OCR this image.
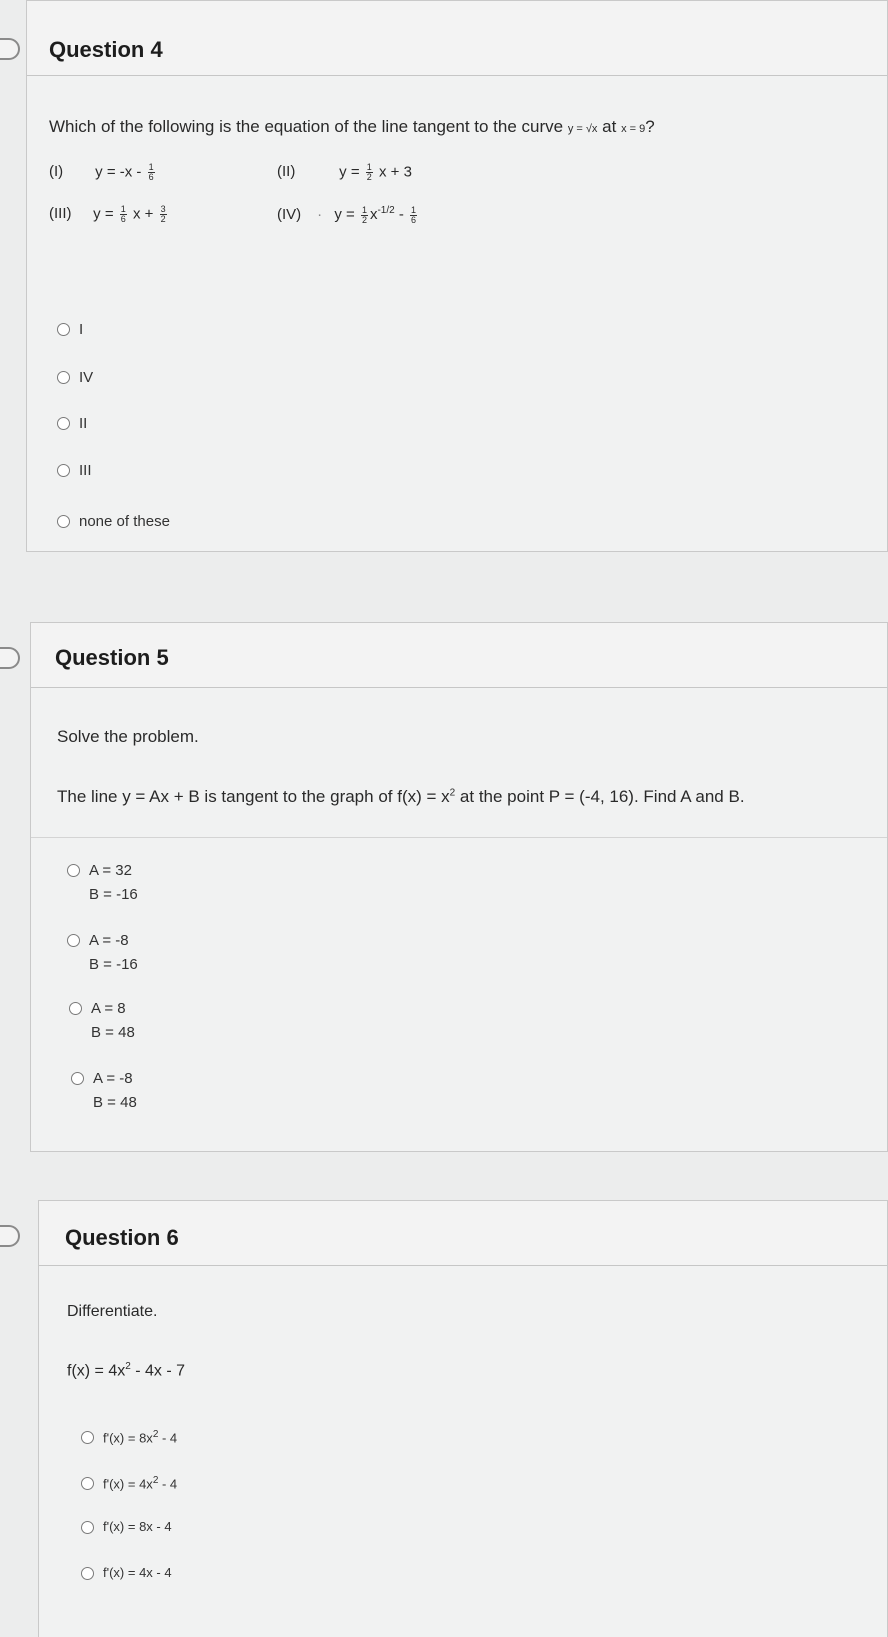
Question 4
Which of the following is the equation of the line tangent to the curve y = √x at x = 9?
(I) $y = -x - \frac{1}{6}$	(II)	$y = \frac{1}{2}$ x + 3
(III) $y = \frac{1}{6}$ $x + \frac{3}{2}$	$(IV) \cdot y = \frac{1}{2} x^{-1/2} - \frac{1}{6}$
I
IV
II
III
none of these
Question 5
Solve the problem.
The line y = Ax + B is tangent to the graph of $f(x) = x^2$ at the point P = (-4, 16). Find A and B.
A = 32
B = -16
A = -8
B = -16
A = 8
B = 48
A = -8
B = 48
Question 6
Differentiate.
$f(x) = 4x^2 - 4x - 7$
$f'(x) = 8x^2 - 4$
$f'(x) = 4x^2 - 4$
f'(x) = 8x - 4
f'(x) = 4x - 4
